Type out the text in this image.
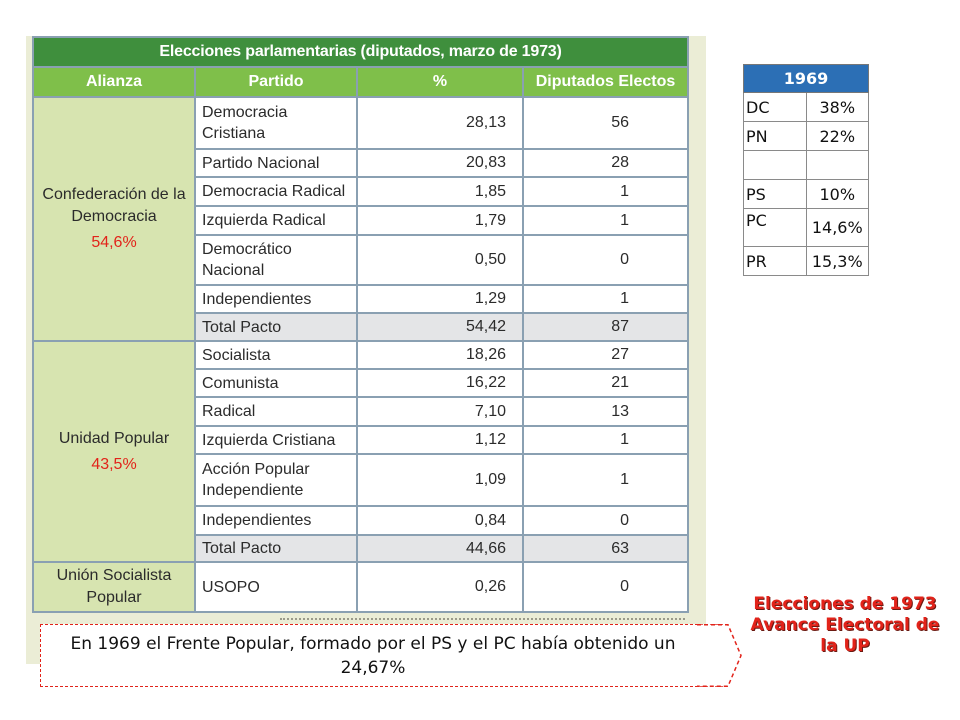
Elecciones parlamentarias (diputados, marzo de 1973)			
Alianza	Partido	%	Diputados Electos
Confederación de la Democracia
54,6%	Democracia Cristiana	28,13	56
	Partido Nacional	20,83	28
	Democracia Radical	1,85	1
	Izquierda Radical	1,79	1
	Democrático Nacional	0,50	0
	Independientes	1,29	1
	Total Pacto	54,42	87
Unidad Popular
43,5%	Socialista	18,26	27
	Comunista	16,22	21
	Radical	7,10	13
	Izquierda Cristiana	1,12	1
	Acción Popular Independiente	1,09	1
	Independientes	0,84	0
	Total Pacto	44,66	63
Unión Socialista Popular	USOPO	0,26	0
En 1969 el Frente Popular, formado por el PS y el PC había obtenido un 24,67%
1969	
DC	38%
PN	22%

PS	10%
PC	14,6%
PR	15,3%
Elecciones de 1973 Avance Electoral de la UP
